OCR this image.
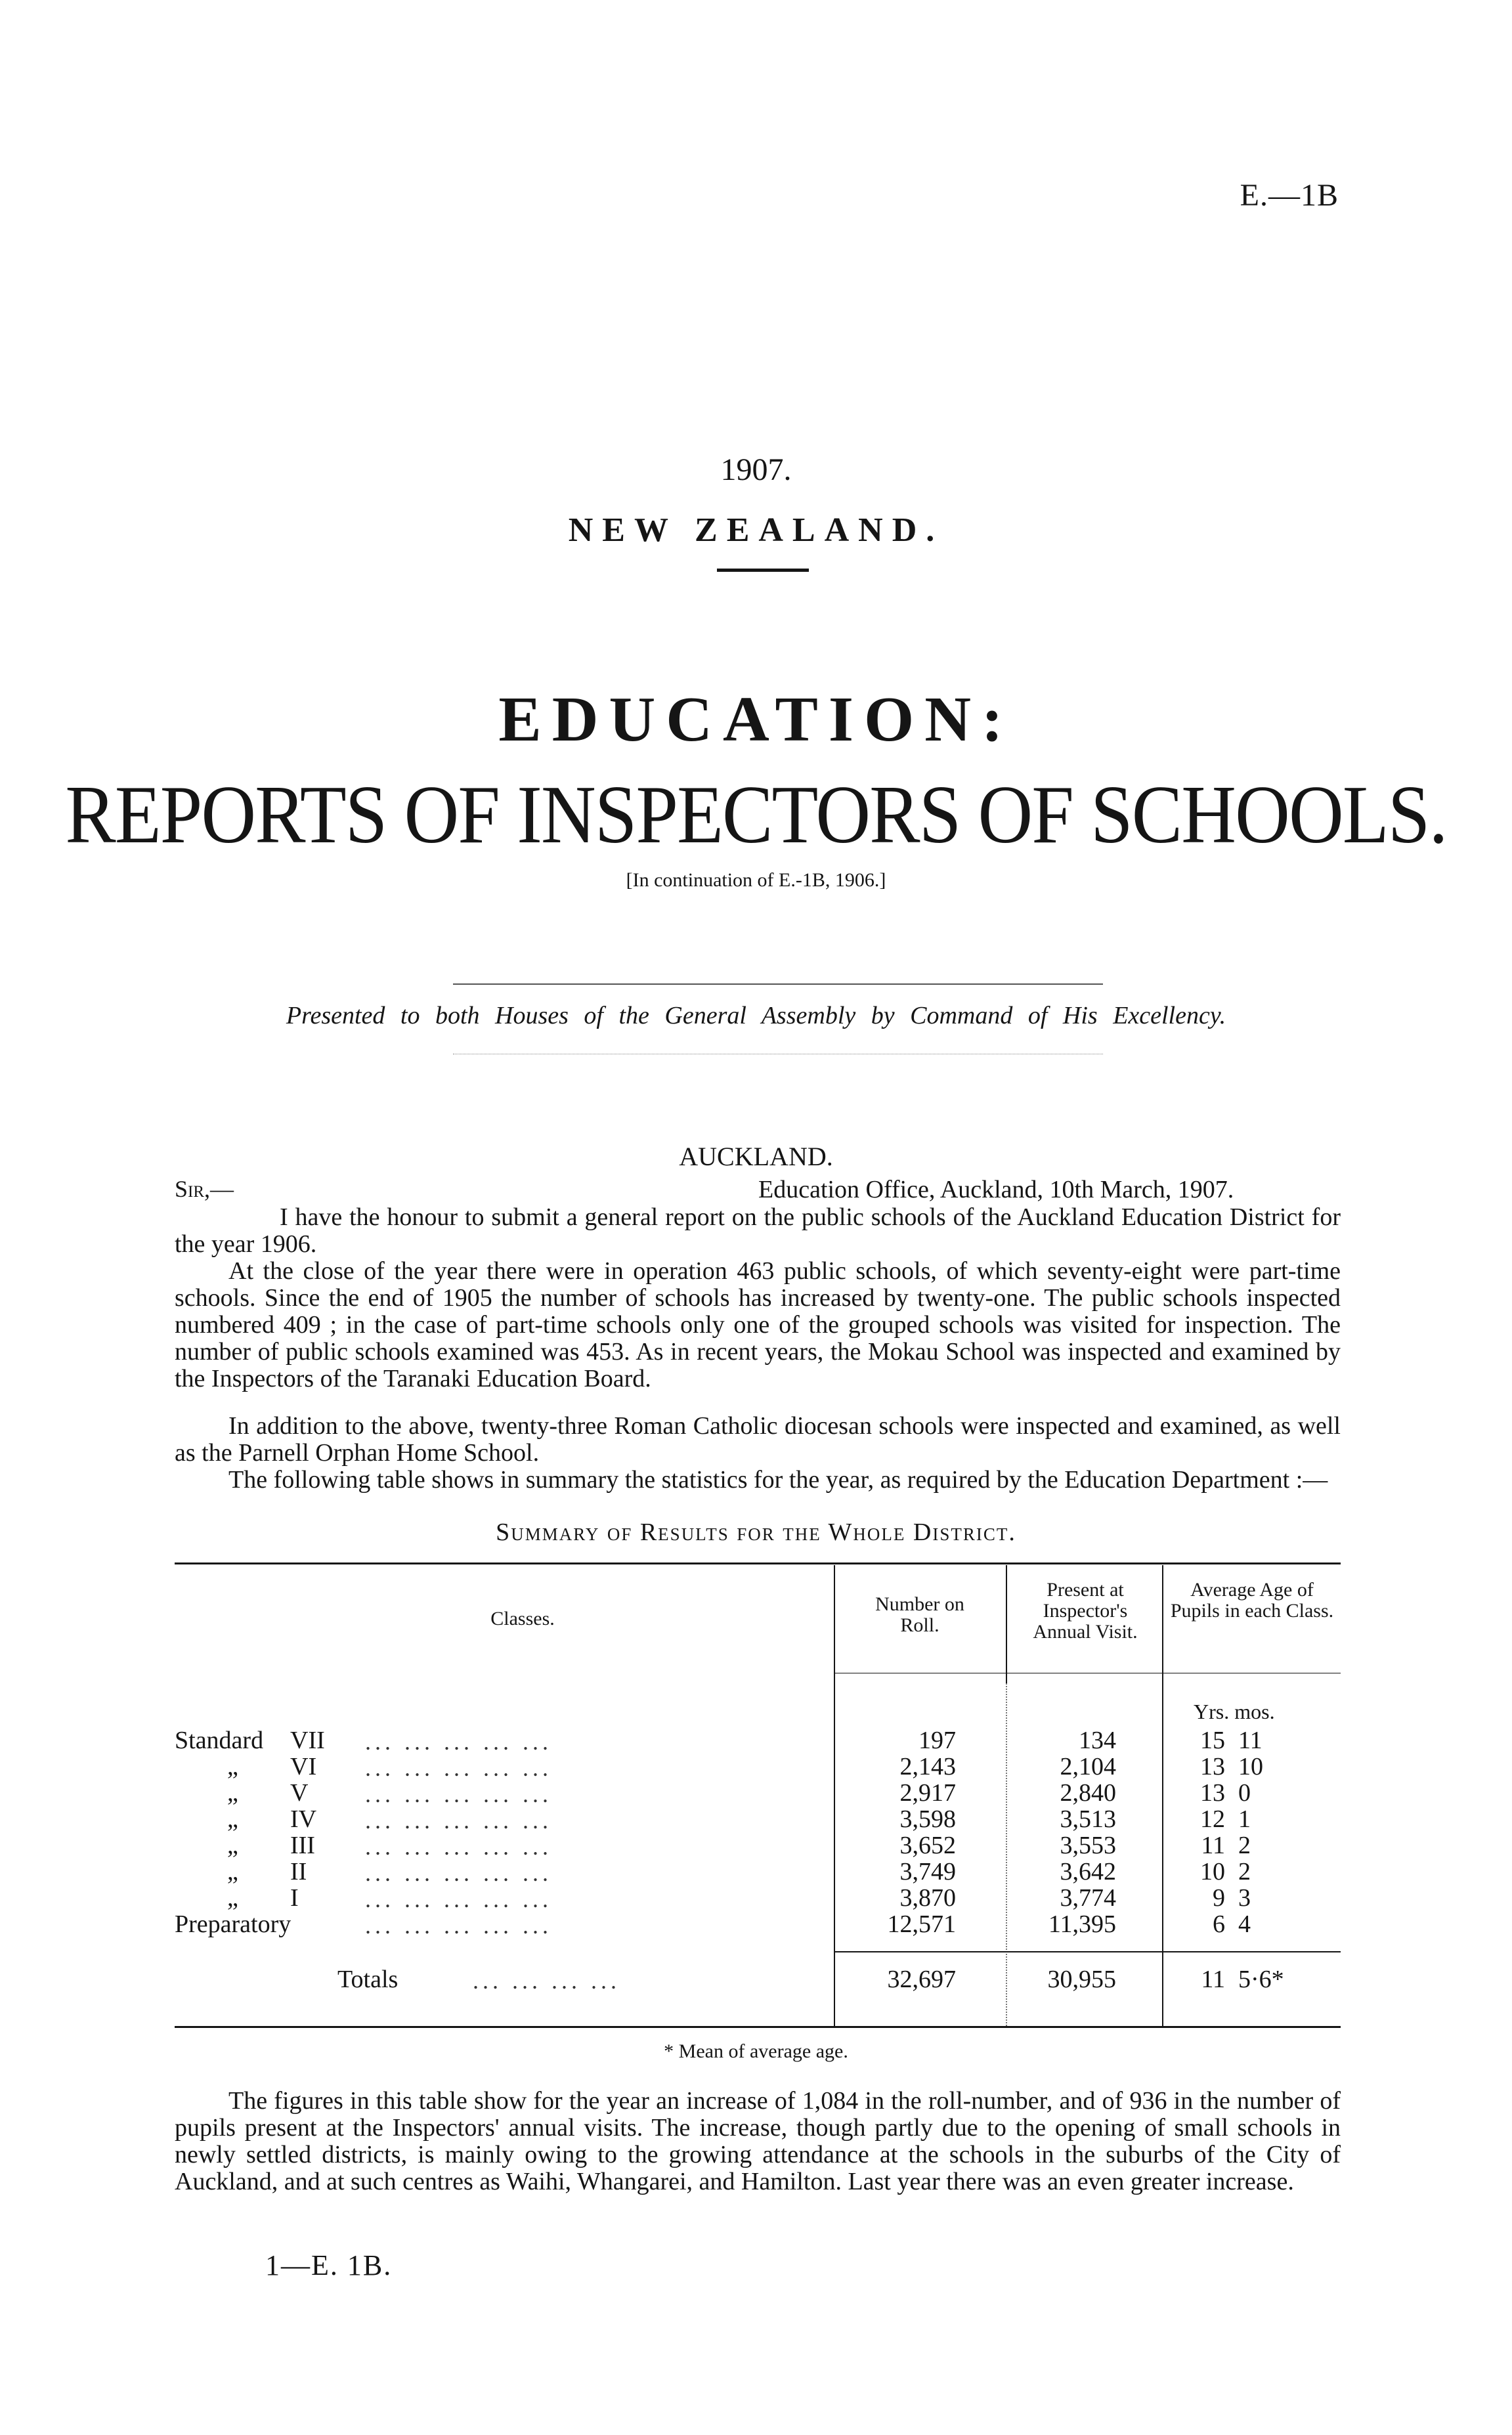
E.—1B
1907.
NEW ZEALAND.
EDUCATION:
REPORTS OF INSPECTORS OF SCHOOLS.
[In continuation of E.-1B, 1906.]
Presented to both Houses of the General Assembly by Command of His Excellency.
AUCKLAND.
Sir,—	Education Office, Auckland, 10th March, 1907.
I have the honour to submit a general report on the public schools of the Auckland Education District for the year 1906.
At the close of the year there were in operation 463 public schools, of which seventy-eight were part-time schools. Since the end of 1905 the number of schools has increased by twenty-one. The public schools inspected numbered 409 ; in the case of part-time schools only one of the grouped schools was visited for inspection. The number of public schools examined was 453. As in recent years, the Mokau School was inspected and examined by the Inspectors of the Taranaki Education Board.
In addition to the above, twenty-three Roman Catholic diocesan schools were inspected and examined, as well as the Parnell Orphan Home School.
The following table shows in summary the statistics for the year, as required by the Education Department :—
Summary of Results for the Whole District.
Classes.
Number on Roll.
Present at Inspector's Annual Visit.
Average Age of Pupils in each Class.
Yrs. mos.
Standard VII	... ... ... ... ...	197	134	15 11
„ VI	... ... ... ... ...	2,143	2,104	13 10
„ V	... ... ... ... ...	2,917	2,840	13 0
„ IV	... ... ... ... ...	3,598	3,513	12 1
„ III	... ... ... ... ...	3,652	3,553	11 2
„ II	... ... ... ... ...	3,749	3,642	10 2
„ I	... ... ... ... ...	3,870	3,774	9 3
Preparatory	... ... ... ... ...	12,571	11,395	6 4
Totals	... ... ... ...	32,697	30,955	11 5·6*
* Mean of average age.
The figures in this table show for the year an increase of 1,084 in the roll-number, and of 936 in the number of pupils present at the Inspectors' annual visits. The increase, though partly due to the opening of small schools in newly settled districts, is mainly owing to the growing attendance at the schools in the suburbs of the City of Auckland, and at such centres as Waihi, Whangarei, and Hamilton. Last year there was an even greater increase.
1—E. 1B.
